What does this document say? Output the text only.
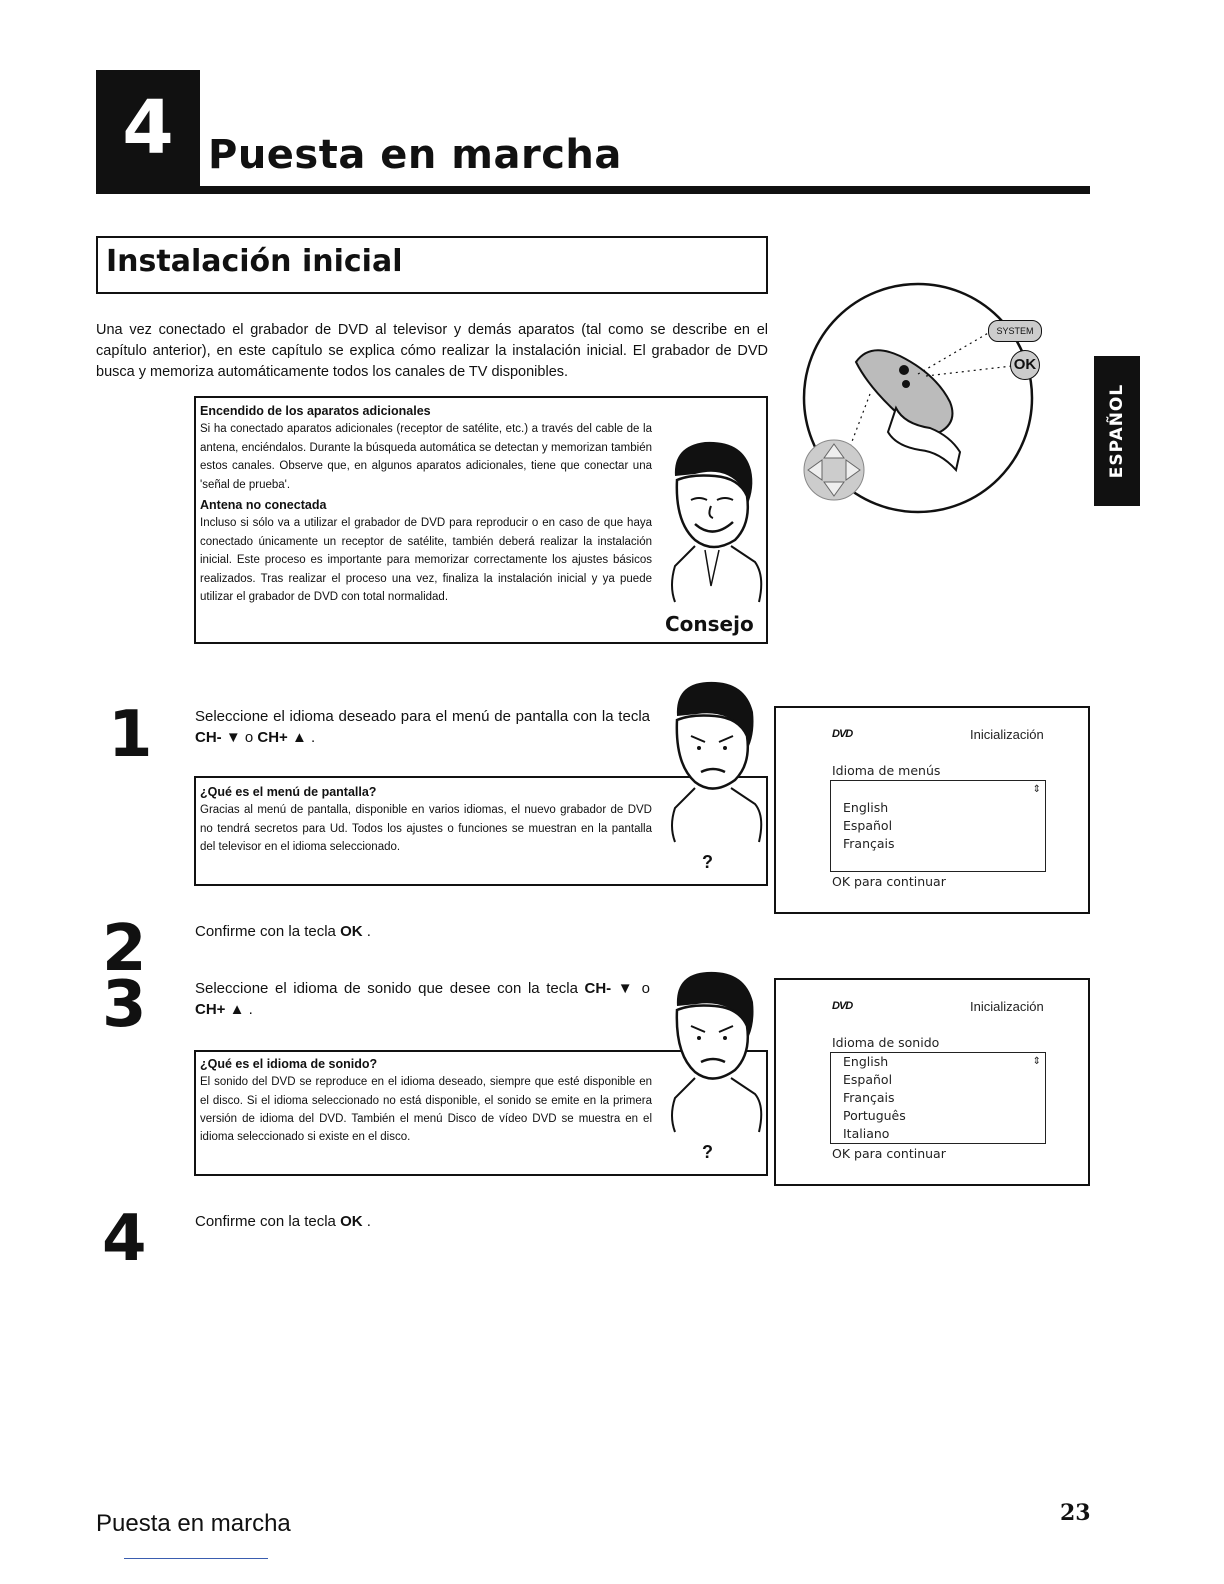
4 Puesta en marcha
Instalación inicial
Una vez conectado el grabador de DVD al televisor y demás aparatos (tal como se describe en el capítulo anterior), en este capítulo se explica cómo realizar la instalación inicial. El grabador de DVD busca y memoriza automáticamente todos los canales de TV disponibles.
Encendido de los aparatos adicionales

Si ha conectado aparatos adicionales (receptor de satélite, etc.) a través del cable de la antena, enciéndalos. Durante la búsqueda automática se detectan y memorizan también estos canales. Observe que, en algunos aparatos adicionales, tiene que conectar una 'señal de prueba'.

Antena no conectada

Incluso si sólo va a utilizar el grabador de DVD para reproducir o en caso de que haya conectado únicamente un receptor de satélite, también deberá realizar la instalación inicial. Este proceso es importante para memorizar correctamente los ajustes básicos realizados. Tras realizar el proceso una vez, finaliza la instalación inicial y ya puede utilizar el grabador de DVD con total normalidad.

Consejo
SYSTEM
OK
ESPAÑOL
1	Seleccione el idioma deseado para el menú de pantalla con la tecla CH- ▼ o CH+ ▲ .
¿Qué es el menú de pantalla?

Gracias al menú de pantalla, disponible en varios idiomas, el nuevo grabador de DVD no tendrá secretos para Ud. Todos los ajustes o funciones se muestran en la pantalla del televisor en el idioma seleccionado.

?
DVD	Inicialización
Idioma de menús
English
Español
Français
⇕
OK para continuar
2	Confirme con la tecla OK .
3	Seleccione el idioma de sonido que desee con la tecla CH- ▼ o CH+ ▲ .
¿Qué es el idioma de sonido?

El sonido del DVD se reproduce en el idioma deseado, siempre que esté disponible en el disco. Si el idioma seleccionado no está disponible, el sonido se emite en la primera versión de idioma del DVD. También el menú Disco de vídeo DVD se muestra en el idioma seleccionado si existe en el disco.

?
DVD	Inicialización
Idioma de sonido
English
Español
Français
Português
Italiano
⇕
OK para continuar
4	Confirme con la tecla OK .
Puesta en marcha	23
